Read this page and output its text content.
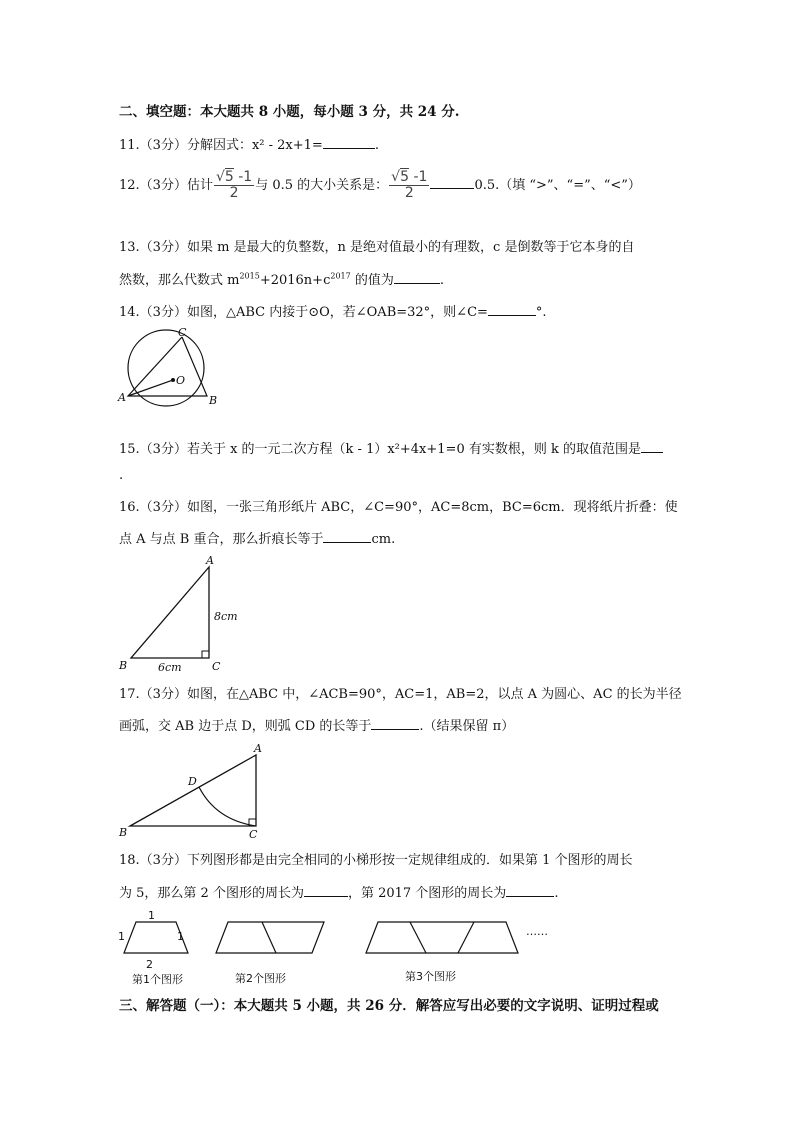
二、填空题：本大题共 8 小题，每小题 3 分，共 24 分.
11.（3分）分解因式：x² - 2x+1=	.
12.（3分）估计 $\frac{√5 -1}{2}$ 与 0.5 的大小关系是： $\frac{√5 -1}{2}$	0.5.（填 “>”、“=”、“<”）
13.（3分）如果 m 是最大的负整数，n 是绝对值最小的有理数，c 是倒数等于它本身的自
然数，那么代数式 $m^{2015}+2016n+c^{2017}$ 的值为	.
14.（3分）如图，△ABC 内接于⊙O，若∠OAB=32°，则∠C=	°.
C
O
A	B
15.（3分）若关于 x 的一元二次方程（k - 1）x²+4x+1=0 有实数根，则 k 的取值范围是
.
16.（3分）如图，一张三角形纸片 ABC，∠C=90°，AC=8cm，BC=6cm．现将纸片折叠：使
点 A 与点 B 重合，那么折痕长等于	cm.
A
8cm
B	6cm	C
17.（3分）如图，在△ABC 中，∠ACB=90°，AC=1，AB=2，以点 A 为圆心、AC 的长为半径
画弧，交 AB 边于点 D，则弧 CD 的长等于	.（结果保留 π）
A
D
B	C
18.（3分）下列图形都是由完全相同的小梯形按一定规律组成的．如果第 1 个图形的周长
为 5，那么第 2 个图形的周长为	，第 2017 个图形的周长为	.
1
1	1
2
第1个图形	第2个图形	第3个图形
……
三、解答题（一）：本大题共 5 小题，共 26 分．解答应写出必要的文字说明、证明过程或
